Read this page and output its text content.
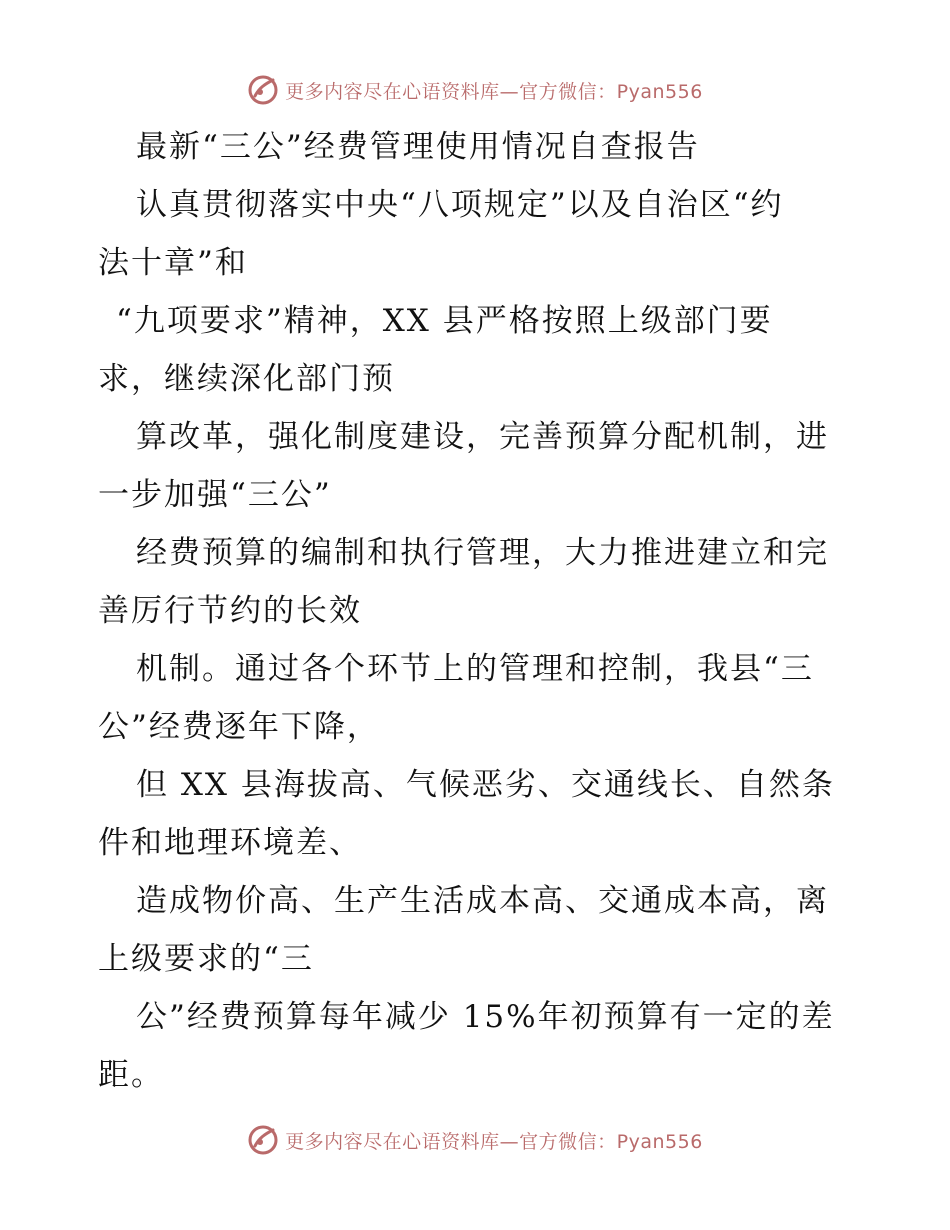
更多内容尽在心语资料库—官方微信：Pyan556
最新“三公”经费管理使用情况自查报告
认真贯彻落实中央“八项规定”以及自治区“约
法十章”和
“九项要求”精神，XX 县严格按照上级部门要
求，继续深化部门预
算改革，强化制度建设，完善预算分配机制，进
一步加强“三公”
经费预算的编制和执行管理，大力推进建立和完
善厉行节约的长效
机制。通过各个环节上的管理和控制，我县“三
公”经费逐年下降，
但 XX 县海拔高、气候恶劣、交通线长、自然条
件和地理环境差、
造成物价高、生产生活成本高、交通成本高，离
上级要求的“三
公”经费预算每年减少 15%年初预算有一定的差
距。
更多内容尽在心语资料库—官方微信：Pyan556
